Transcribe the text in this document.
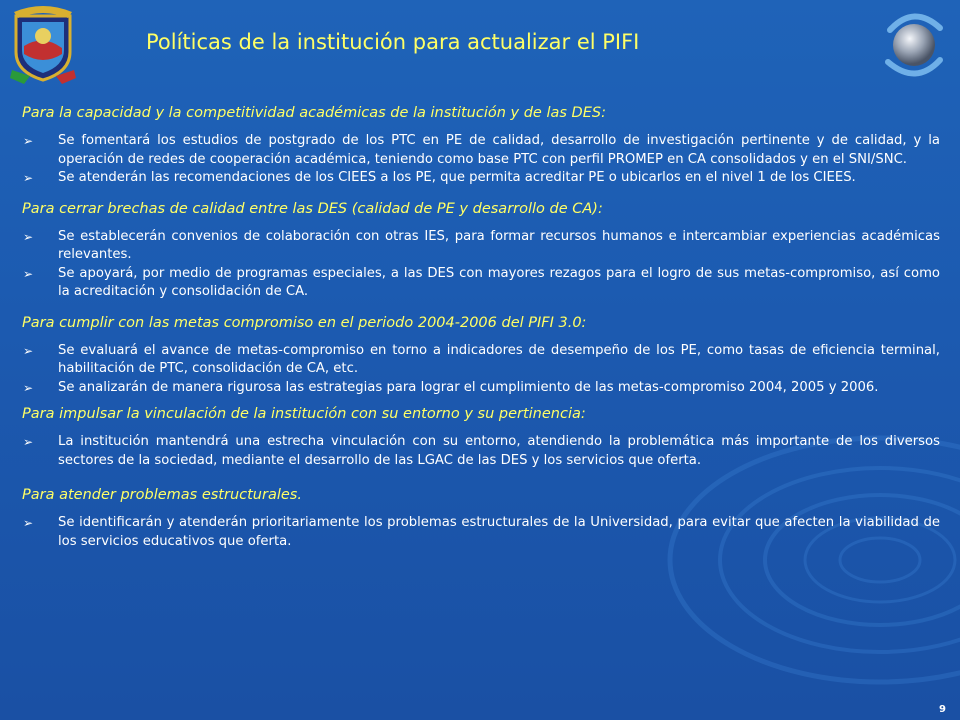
Políticas de la institución para actualizar el PIFI

Para la capacidad y la competitividad académicas de la institución y de las DES:

➢ Se fomentará los estudios de postgrado de los PTC en PE de calidad, desarrollo de investigación pertinente y de calidad, y la operación de redes de cooperación académica, teniendo como base PTC con perfil PROMEP en CA consolidados y en el SNI/SNC.
➢ Se atenderán las recomendaciones de los CIEES a los PE, que permita acreditar PE o ubicarlos en el nivel 1 de los CIEES.

Para cerrar brechas de calidad entre las DES (calidad de PE y desarrollo de CA):

➢ Se establecerán convenios de colaboración con otras IES, para formar recursos humanos e intercambiar experiencias académicas relevantes.
➢ Se apoyará, por medio de programas especiales, a las DES con mayores rezagos para el logro de sus metas-compromiso, así como la acreditación y consolidación de CA.

Para cumplir con las metas compromiso en el periodo 2004-2006 del PIFI 3.0:

➢ Se evaluará el avance de metas-compromiso en torno a indicadores de desempeño de los PE, como tasas de eficiencia terminal, habilitación de PTC, consolidación de CA, etc.
➢ Se analizarán de manera rigurosa las estrategias para lograr el cumplimiento de las metas-compromiso 2004, 2005 y 2006.

Para impulsar la vinculación de la institución con su entorno y su pertinencia:

➢ La institución mantendrá una estrecha vinculación con su entorno, atendiendo la problemática más importante de los diversos sectores de la sociedad, mediante el desarrollo de las LGAC de las DES y los servicios que oferta.

Para atender problemas estructurales.

➢ Se identificarán y atenderán prioritariamente los problemas estructurales de la Universidad, para evitar que afecten la viabilidad de los servicios educativos que oferta.
9
